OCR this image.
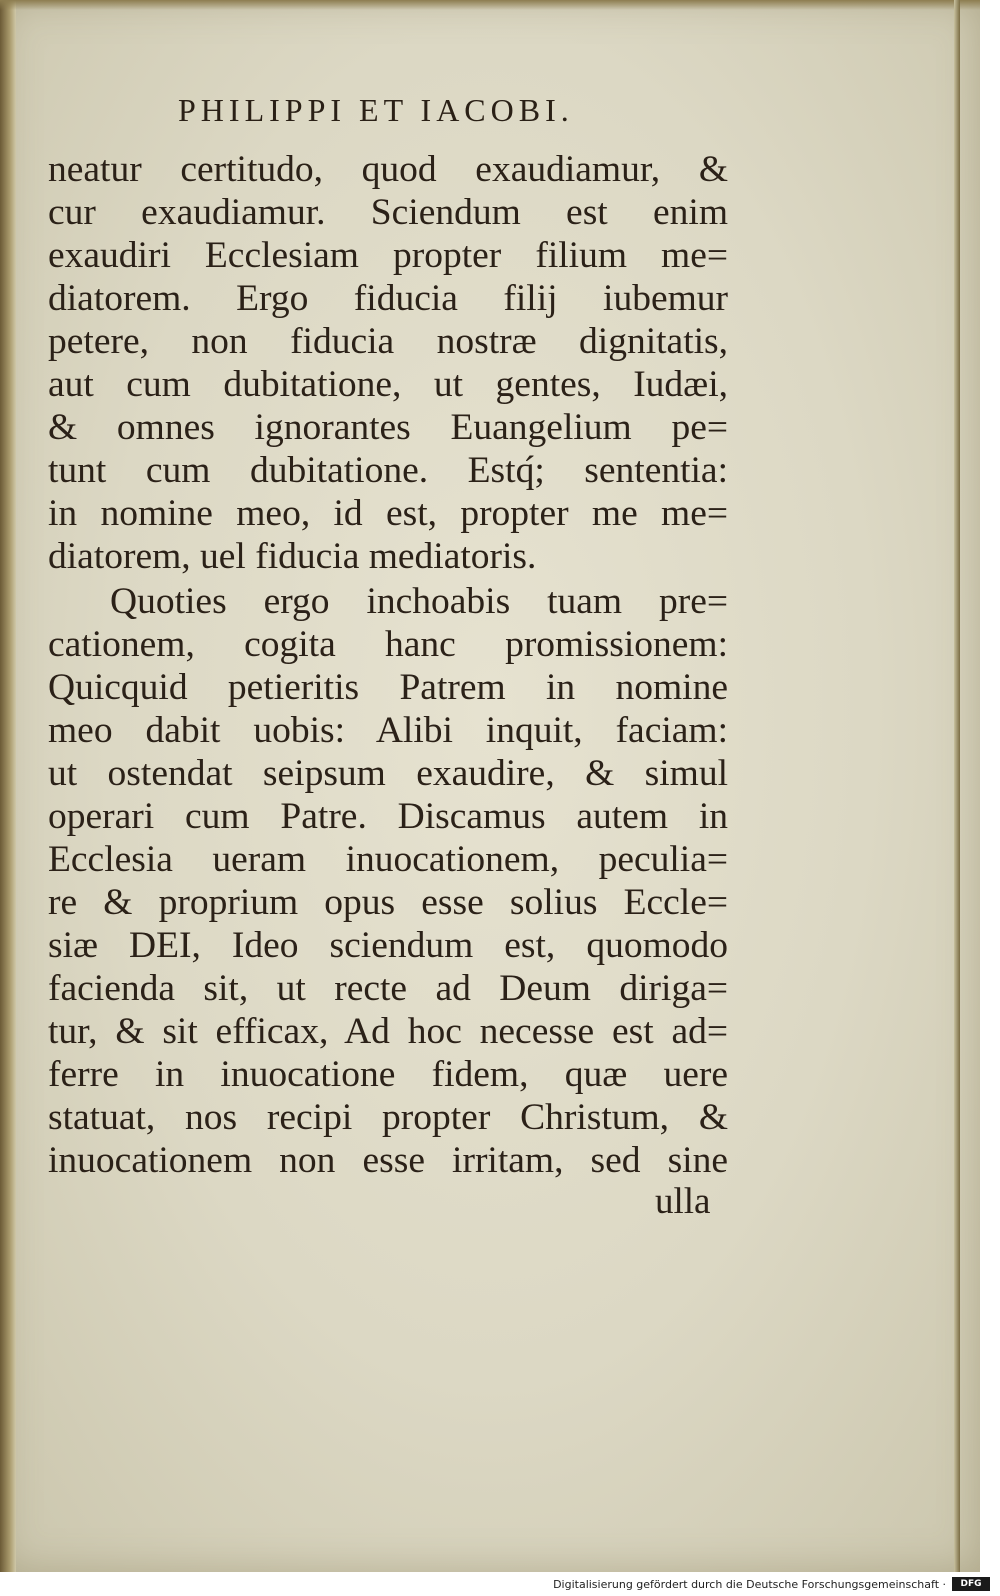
PHILIPPI ET IACOBI.
neatur certitudo, quod exaudiamur, &
cur exaudiamur. Sciendum est enim
exaudiri Ecclesiam propter filium me=
diatorem. Ergo fiducia filij iubemur
petere, non fiducia nostræ dignitatis,
aut cum dubitatione, ut gentes, Iudæi,
& omnes ignorantes Euangelium pe=
tunt cum dubitatione. Estq́; sententia:
in nomine meo, id est, propter me me=
diatorem, uel fiducia mediatoris.
Quoties ergo inchoabis tuam pre=
cationem, cogita hanc promissionem:
Quicquid petieritis Patrem in nomine
meo dabit uobis: Alibi inquit, faciam:
ut ostendat seipsum exaudire, & simul
operari cum Patre. Discamus autem in
Ecclesia ueram inuocationem, peculia=
re & proprium opus esse solius Eccle=
siæ DEI, Ideo sciendum est, quomodo
facienda sit, ut recte ad Deum diriga=
tur, & sit efficax, Ad hoc necesse est ad=
ferre in inuocatione fidem, quæ uere
statuat, nos recipi propter Christum, &
inuocationem non esse irritam, sed sine
ulla
Digitalisierung gefördert durch die Deutsche Forschungsgemeinschaft ·	DFG
